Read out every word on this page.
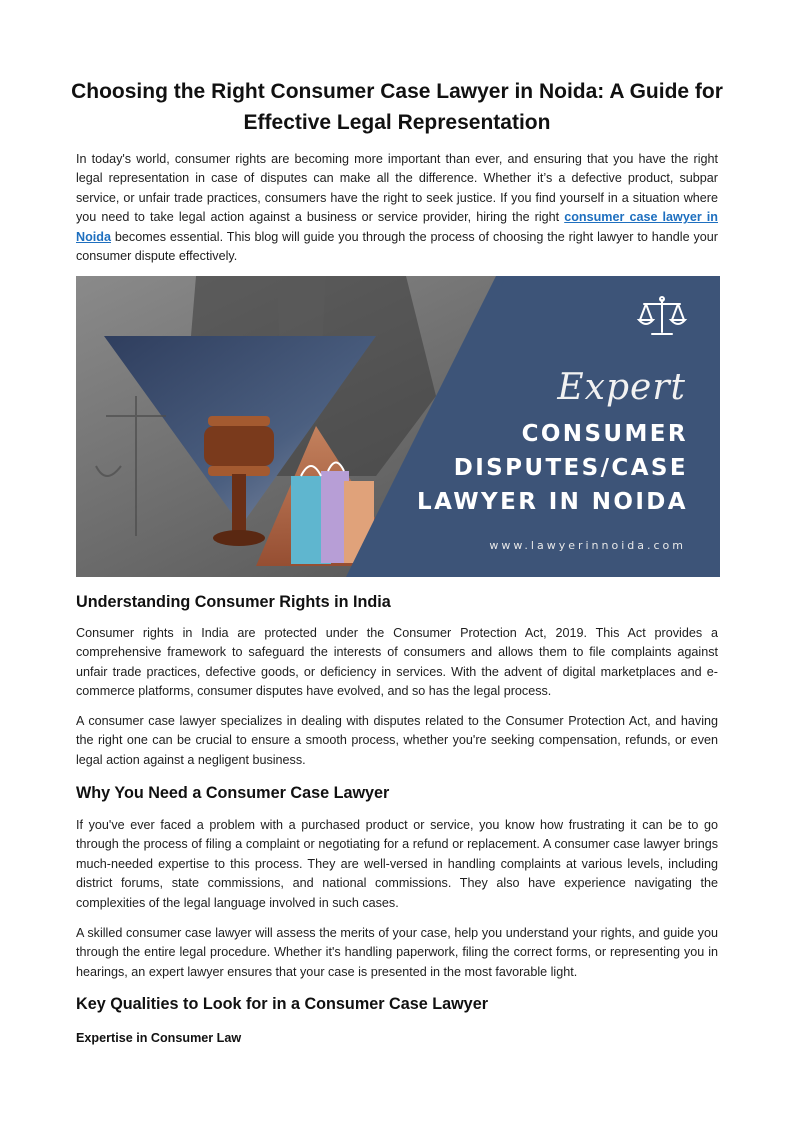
Choosing the Right Consumer Case Lawyer in Noida: A Guide for
Effective Legal Representation

In today's world, consumer rights are becoming more important than ever, and ensuring that you have the right legal representation in case of disputes can make all the difference. Whether it’s a defective product, subpar service, or unfair trade practices, consumers have the right to seek justice. If you find yourself in a situation where you need to take legal action against a business or service provider, hiring the right consumer case lawyer in Noida becomes essential. This blog will guide you through the process of choosing the right lawyer to handle your consumer dispute effectively.

Expert

CONSUMER

DISPUTES/CASE

LAWYER IN NOIDA

www.lawyerinnoida.com

Understanding Consumer Rights in India

Consumer rights in India are protected under the Consumer Protection Act, 2019. This Act provides a comprehensive framework to safeguard the interests of consumers and allows them to file complaints against unfair trade practices, defective goods, or deficiency in services. With the advent of digital marketplaces and e-commerce platforms, consumer disputes have evolved, and so has the legal process.

A consumer case lawyer specializes in dealing with disputes related to the Consumer Protection Act, and having the right one can be crucial to ensure a smooth process, whether you're seeking compensation, refunds, or even legal action against a negligent business.

Why You Need a Consumer Case Lawyer

If you've ever faced a problem with a purchased product or service, you know how frustrating it can be to go through the process of filing a complaint or negotiating for a refund or replacement. A consumer case lawyer brings much-needed expertise to this process. They are well-versed in handling complaints at various levels, including district forums, state commissions, and national commissions. They also have experience navigating the complexities of the legal language involved in such cases.

A skilled consumer case lawyer will assess the merits of your case, help you understand your rights, and guide you through the entire legal procedure. Whether it's handling paperwork, filing the correct forms, or representing you in hearings, an expert lawyer ensures that your case is presented in the most favorable light.

Key Qualities to Look for in a Consumer Case Lawyer

Expertise in Consumer Law
